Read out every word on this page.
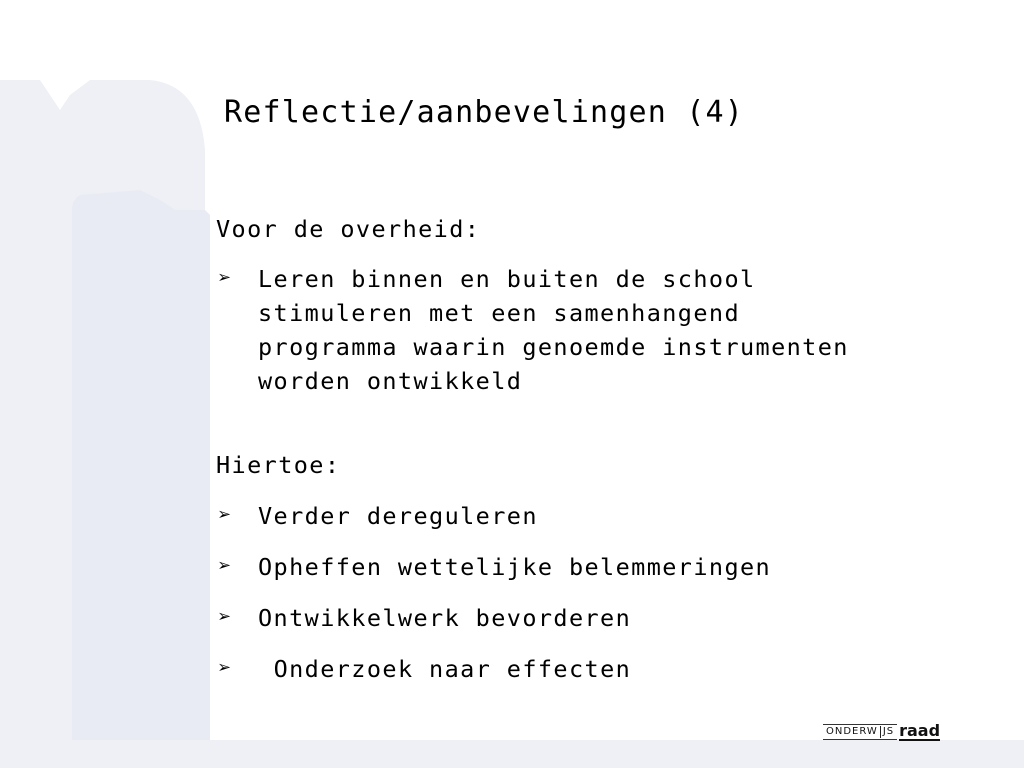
Reflectie/aanbevelingen (4)

Voor de overheid:

➢ Leren binnen en buiten de school
stimuleren met een samenhangend
programma waarin genoemde instrumenten
worden ontwikkeld

Hiertoe:

➢ Verder dereguleren
➢ Opheffen wettelijke belemmeringen
➢ Ontwikkelwerk bevorderen
➢ Onderzoek naar effecten
ONDERW JS raad
